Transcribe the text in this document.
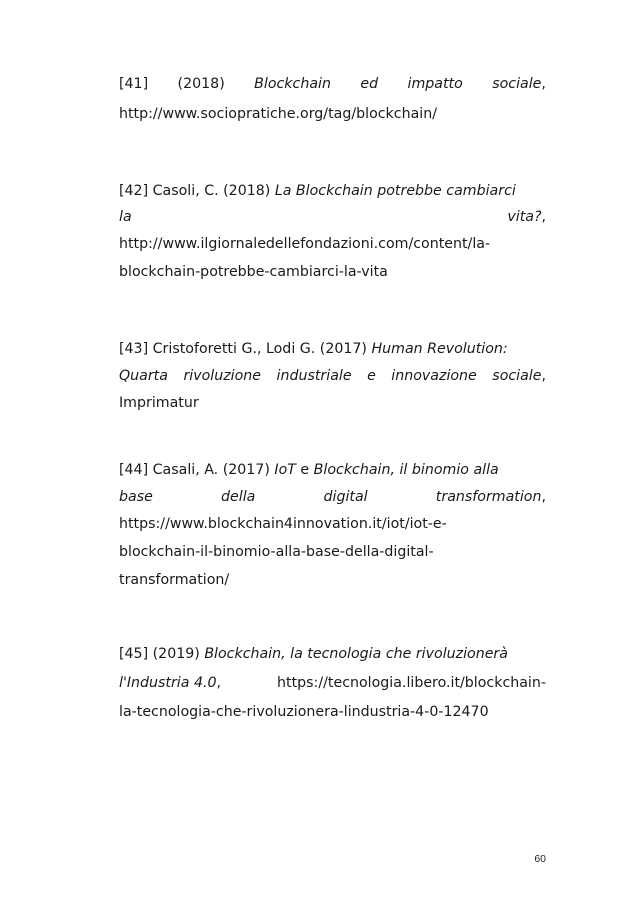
[41] (2018) Blockchain ed impatto sociale,
http://www.sociopratiche.org/tag/blockchain/
[42] Casoli, C. (2018) La Blockchain potrebbe cambiarci
la	vita?,
http://www.ilgiornaledellefondazioni.com/content/la-
blockchain-potrebbe-cambiarci-la-vita
[43] Cristoforetti G., Lodi G. (2017) Human Revolution:
Quarta rivoluzione industriale e innovazione sociale,
Imprimatur
[44] Casali, A. (2017) IoT e Blockchain, il binomio alla
base	della	digital	transformation,
https://www.blockchain4innovation.it/iot/iot-e-
blockchain-il-binomio-alla-base-della-digital-
transformation/
[45] (2019) Blockchain, la tecnologia che rivoluzionerà
l'Industria 4.0,	https://tecnologia.libero.it/blockchain-
la-tecnologia-che-rivoluzionera-lindustria-4-0-12470
60
